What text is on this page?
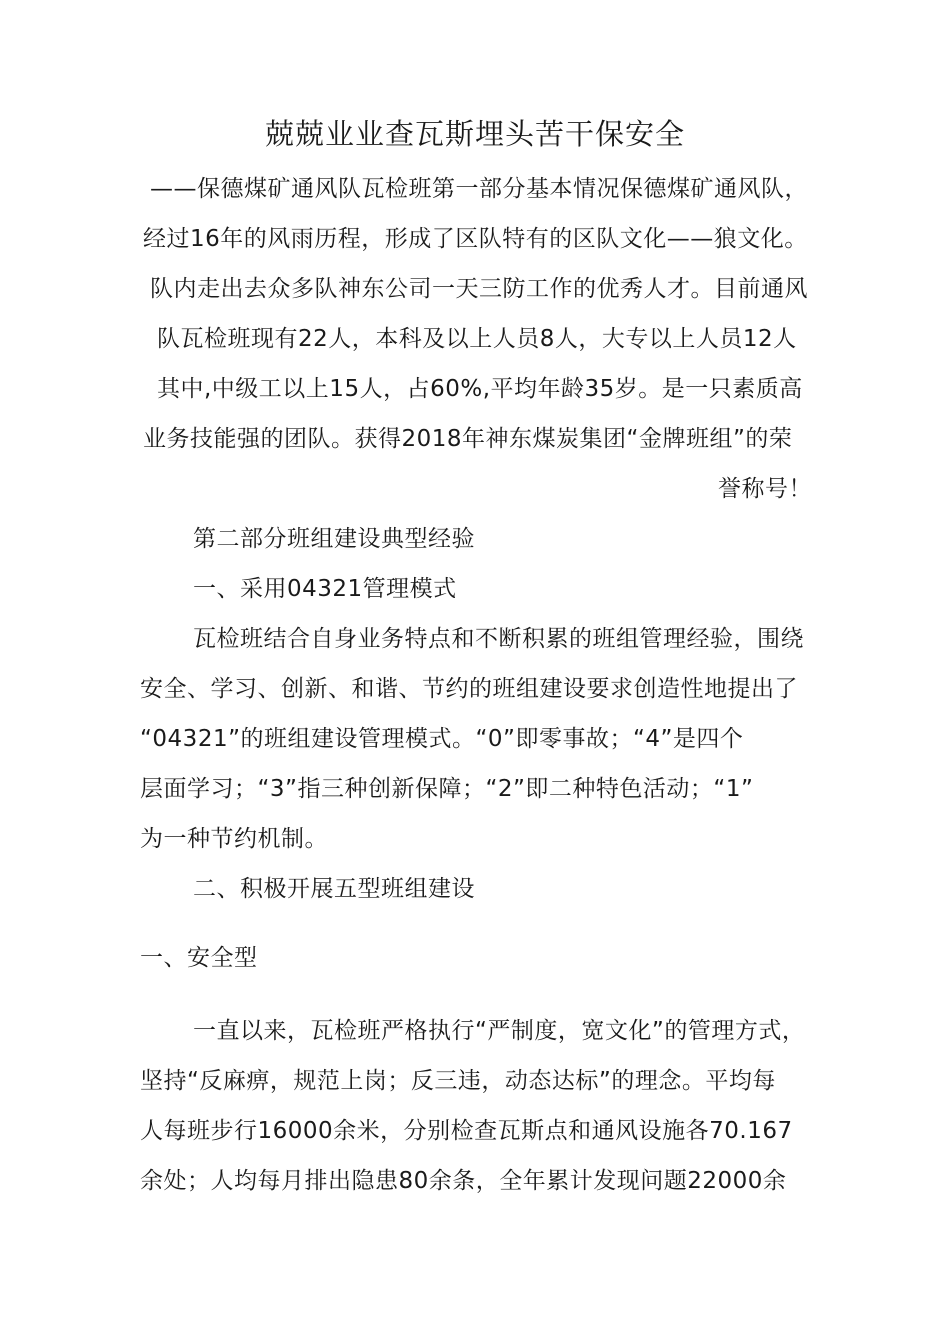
兢兢业业查瓦斯埋头苦干保安全
——保德煤矿通风队瓦检班第一部分基本情况保德煤矿通风队，
经过16年的风雨历程，形成了区队特有的区队文化——狼文化。
队内走出去众多队神东公司一天三防工作的优秀人才。目前通风
队瓦检班现有22人，本科及以上人员8人，大专以上人员12人
其中,中级工以上15人，占60%,平均年龄35岁。是一只素质高
业务技能强的团队。获得2018年神东煤炭集团“金牌班组”的荣
誉称号！
第二部分班组建设典型经验
一、采用04321管理模式
瓦检班结合自身业务特点和不断积累的班组管理经验，围绕
安全、学习、创新、和谐、节约的班组建设要求创造性地提出了
“04321”的班组建设管理模式。“0”即零事故；“4”是四个
层面学习；“3”指三种创新保障；“2”即二种特色活动；“1”
为一种节约机制。
二、积极开展五型班组建设
一、安全型
一直以来，瓦检班严格执行“严制度，宽文化”的管理方式，
坚持“反麻痹，规范上岗；反三违，动态达标”的理念。平均每
人每班步行16000余米，分别检查瓦斯点和通风设施各70.167
余处；人均每月排出隐患80余条，全年累计发现问题22000余
